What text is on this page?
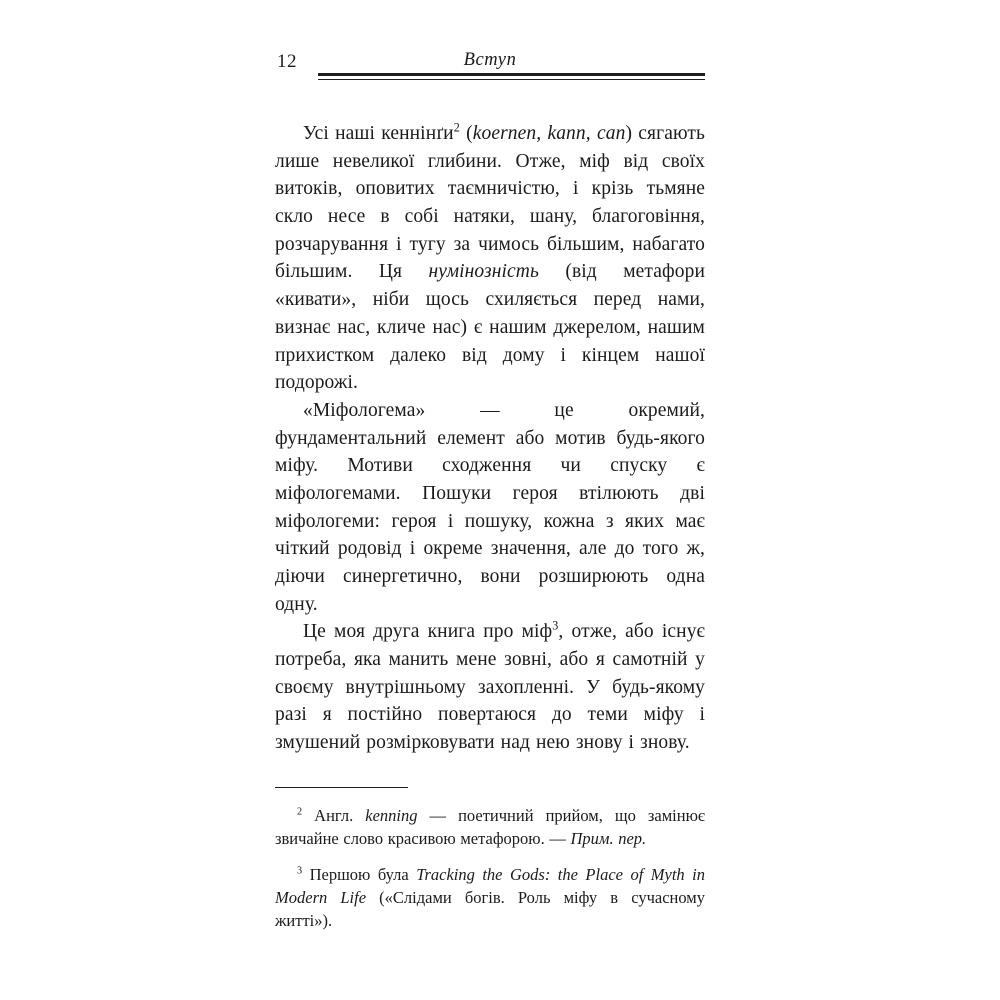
12	Вступ

Усі наші кеннінґи$^2$ (koernen, kann, can) сягають лише невеликої глибини. Отже, міф від своїх витоків, оповитих таємничістю, і крізь тьмяне скло несе в собі натяки, шану, благоговіння, розчарування і тугу за чимось більшим, набагато більшим. Ця нумінозність (від метафори «кивати», ніби щось схиляється перед нами, визнає нас, кличе нас) є нашим джерелом, нашим прихистком далеко від дому і кінцем нашої подорожі.

«Міфологема» — це окремий, фундаментальний елемент або мотив будь-якого міфу. Мотиви сходження чи спуску є міфологемами. Пошуки героя втілюють дві міфологеми: героя і пошуку, кожна з яких має чіткий родовід і окреме значення, але до того ж, діючи синергетично, вони розширюють одна одну.

Це моя друга книга про міф$^3$, отже, або існує потреба, яка манить мене зовні, або я самотній у своєму внутрішньому захопленні. У будь-якому разі я постійно повертаюся до теми міфу і змушений розмірковувати над нею знову і знову.

$^2$ Англ. kenning — поетичний прийом, що замінює звичайне слово красивою метафорою. — Прим. пер.

$^3$ Першою була Tracking the Gods: the Place of Myth in Modern Life («Слідами богів. Роль міфу в сучасному житті»).
